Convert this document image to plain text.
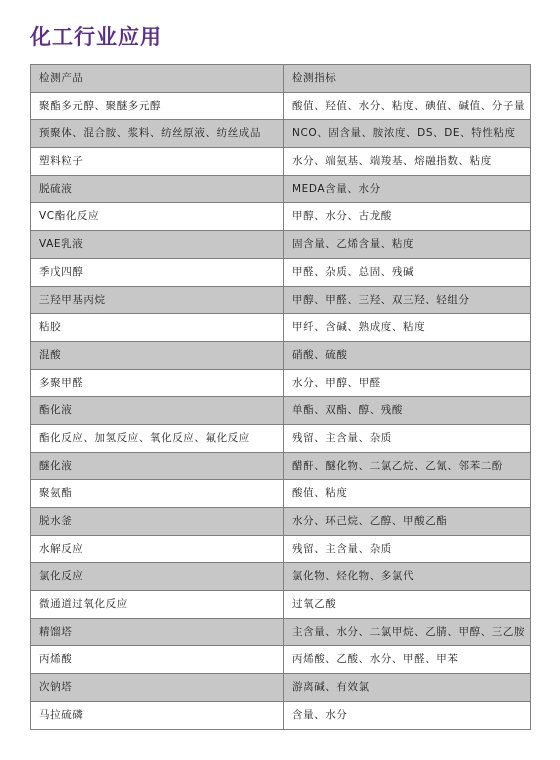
化工行业应用
检测产品	检测指标
聚酯多元醇、聚醚多元醇	酸值、羟值、水分、粘度、碘值、碱值、分子量
预聚体、混合胺、浆料、纺丝原液、纺丝成品	NCO、固含量、胺浓度、DS、DE、特性粘度
塑料粒子	水分、端氨基、端羧基、熔融指数、粘度
脱硫液	MEDA含量、水分
VC酯化反应	甲醇、水分、古龙酸
VAE乳液	固含量、乙烯含量、粘度
季戊四醇	甲醛、杂质、总固、残碱
三羟甲基丙烷	甲醇、甲醛、三羟、双三羟、轻组分
粘胶	甲纤、含碱、熟成度、粘度
混酸	硝酸、硫酸
多聚甲醛	水分、甲醇、甲醛
酯化液	单酯、双酯、醇、残酸
酯化反应、加氢反应、氧化反应、氟化反应	残留、主含量、杂质
醚化液	醋酐、醚化物、二氯乙烷、乙氰、邻苯二酚
聚氨酯	酸值、粘度
脱水釜	水分、环己烷、乙醇、甲酸乙酯
水解反应	残留、主含量、杂质
氯化反应	氯化物、烃化物、多氯代
微通道过氧化反应	过氧乙酸
精馏塔	主含量、水分、二氯甲烷、乙腈、甲醇、三乙胺
丙烯酸	丙烯酸、乙酸、水分、甲醛、甲苯
次钠塔	游离碱、有效氯
马拉硫磷	含量、水分
